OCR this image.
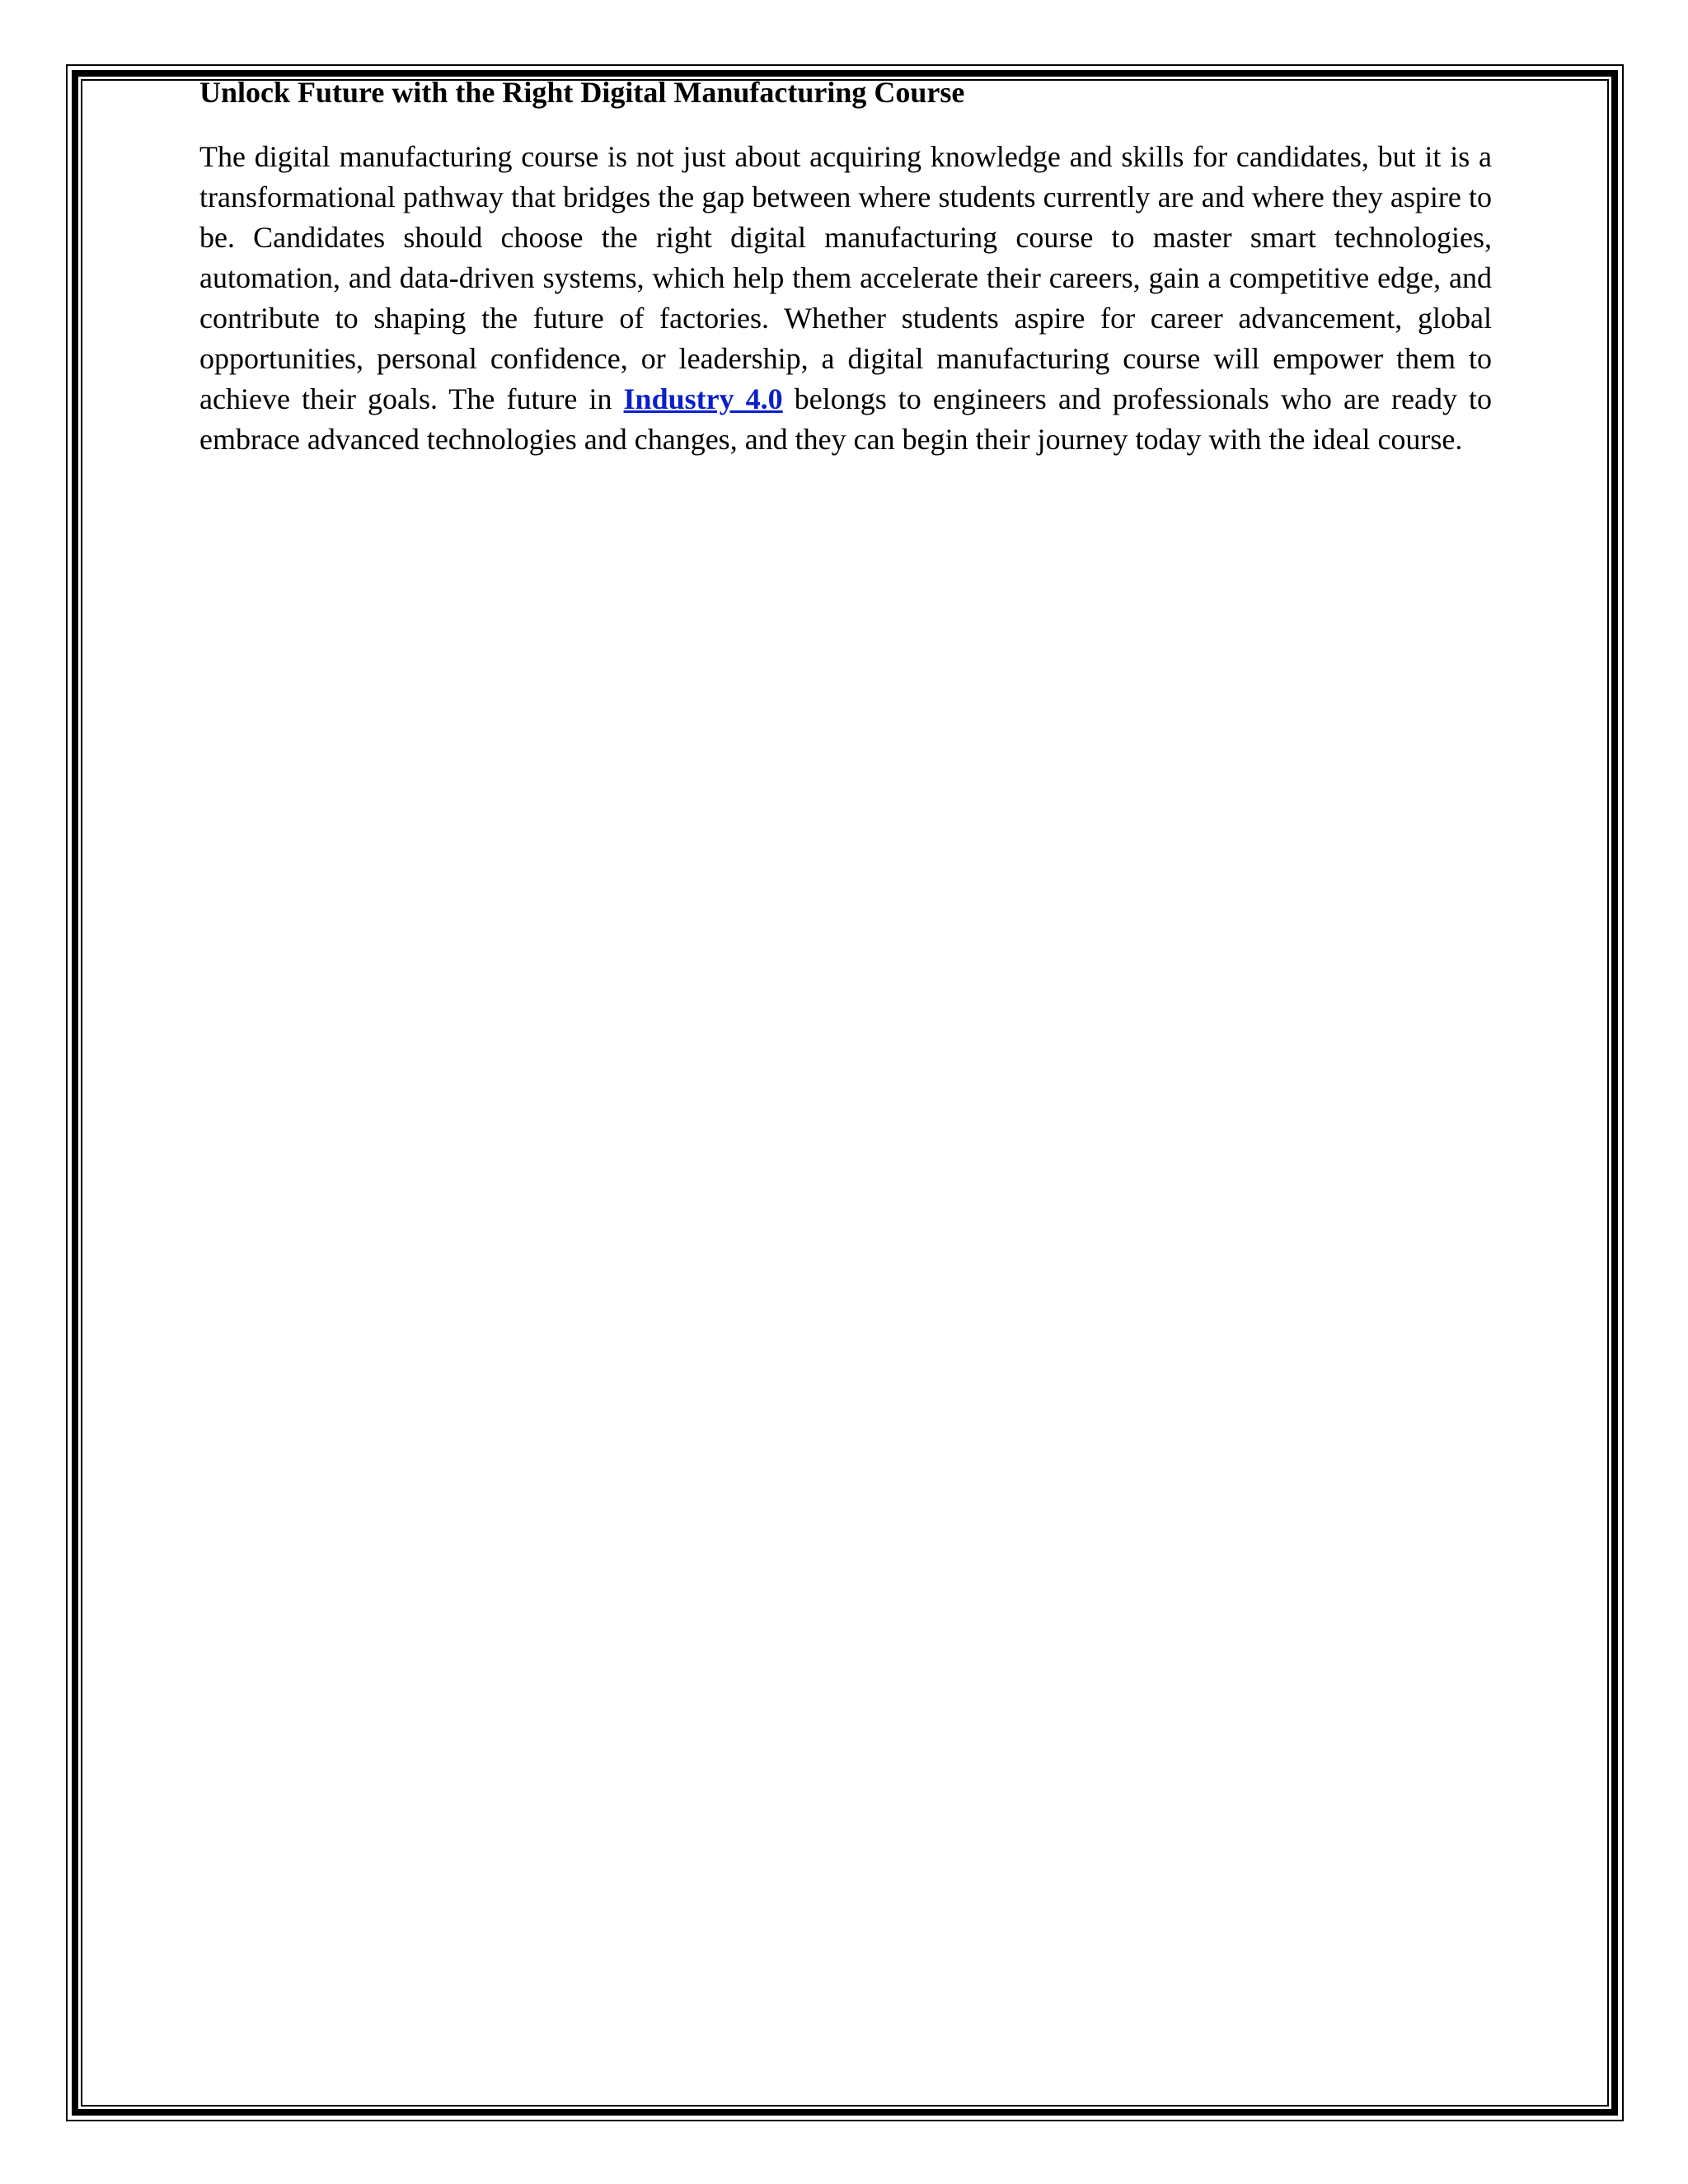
Unlock Future with the Right Digital Manufacturing Course

The digital manufacturing course is not just about acquiring knowledge and skills for candidates, but it is a transformational pathway that bridges the gap between where students currently are and where they aspire to be. Candidates should choose the right digital manufacturing course to master smart technologies, automation, and data-driven systems, which help them accelerate their careers, gain a competitive edge, and contribute to shaping the future of factories. Whether students aspire for career advancement, global opportunities, personal confidence, or leadership, a digital manufacturing course will empower them to achieve their goals. The future in Industry 4.0 belongs to engineers and professionals who are ready to embrace advanced technologies and changes, and they can begin their journey today with the ideal course.
